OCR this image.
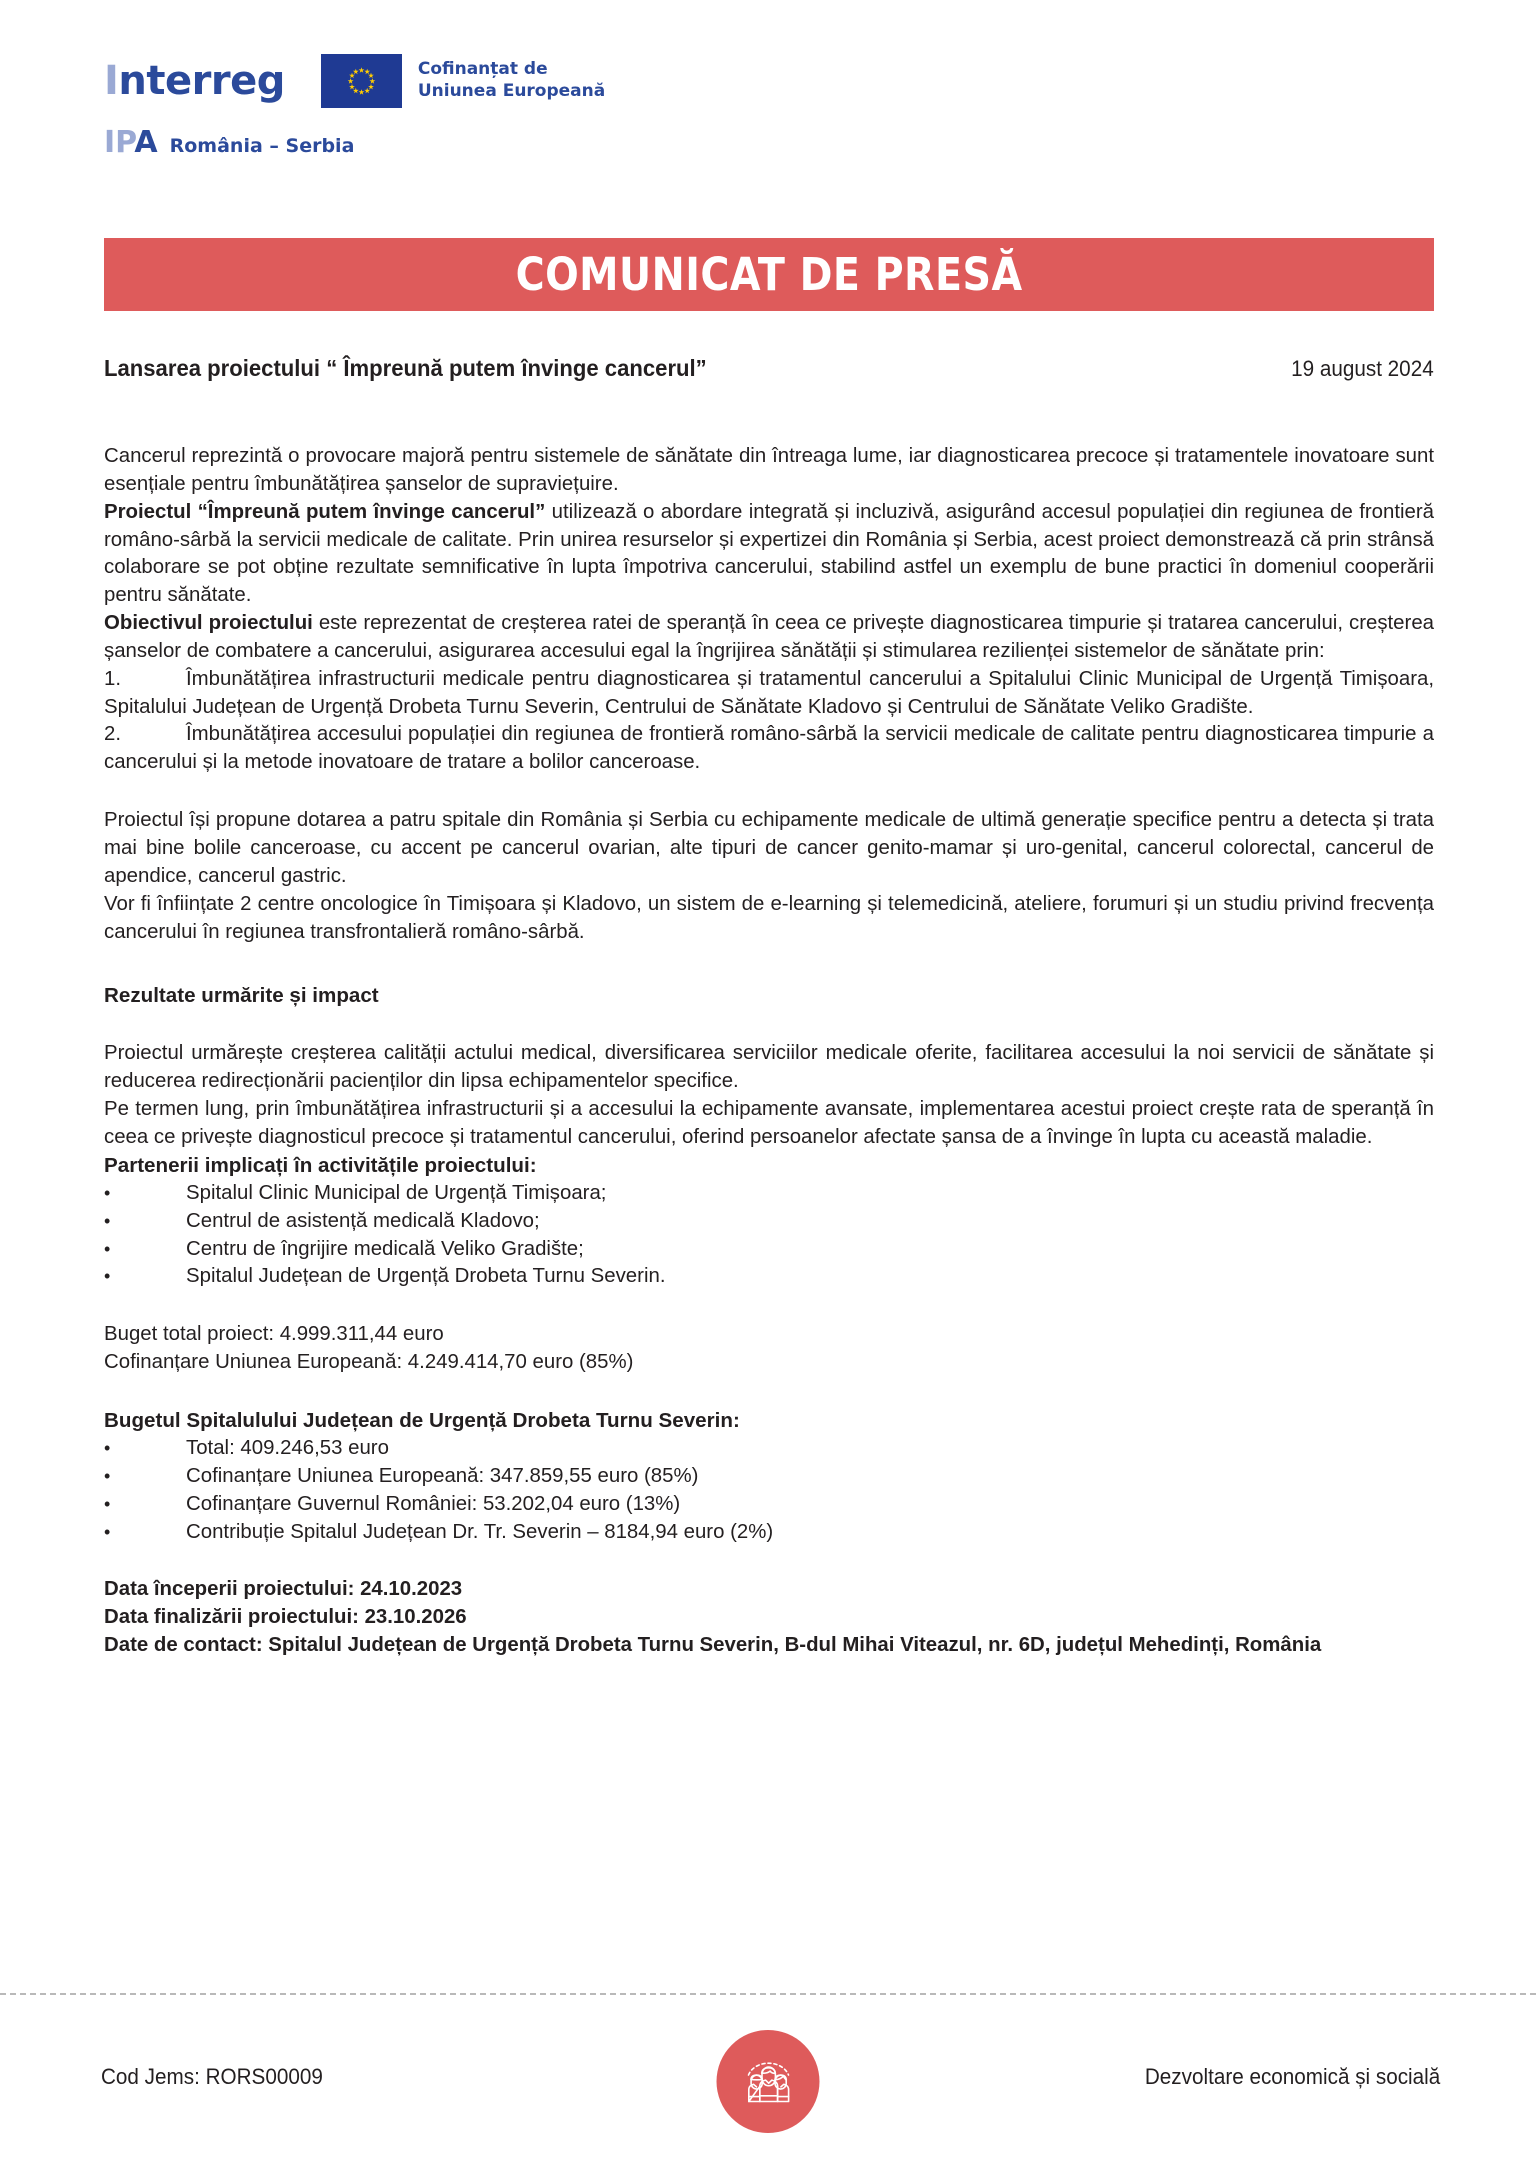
Interreg	Cofinanțat de
Uniunea Europeană
IPA România – Serbia
COMUNICAT DE PRESĂ
Lansarea proiectului “ Împreună putem învinge cancerul”	19 august 2024

Cancerul reprezintă o provocare majoră pentru sistemele de sănătate din întreaga lume, iar diagnosticarea precoce și tratamentele inovatoare sunt esențiale pentru îmbunătățirea șanselor de supraviețuire.

Proiectul “Împreună putem învinge cancerul” utilizează o abordare integrată și incluzivă, asigurând accesul populației din regiunea de frontieră româno-sârbă la servicii medicale de calitate. Prin unirea resurselor și expertizei din România și Serbia, acest proiect demonstrează că prin strânsă colaborare se pot obține rezultate semnificative în lupta împotriva cancerului, stabilind astfel un exemplu de bune practici în domeniul cooperării pentru sănătate.

Obiectivul proiectului este reprezentat de creșterea ratei de speranță în ceea ce privește diagnosticarea timpurie și tratarea cancerului, creșterea șanselor de combatere a cancerului, asigurarea accesului egal la îngrijirea sănătății și stimularea rezilienței sistemelor de sănătate prin:

1.	Îmbunătățirea infrastructurii medicale pentru diagnosticarea și tratamentul cancerului a Spitalului Clinic Municipal de Urgență Timișoara, Spitalului Județean de Urgență Drobeta Turnu Severin, Centrului de Sănătate Kladovo și Centrului de Sănătate Veliko Gradište.

2.	Îmbunătățirea accesului populației din regiunea de frontieră româno-sârbă la servicii medicale de calitate pentru diagnosticarea timpurie a cancerului și la metode inovatoare de tratare a bolilor canceroase.

Proiectul își propune dotarea a patru spitale din România și Serbia cu echipamente medicale de ultimă generație specifice pentru a detecta și trata mai bine bolile canceroase, cu accent pe cancerul ovarian, alte tipuri de cancer genito-mamar și uro-genital, cancerul colorectal, cancerul de apendice, cancerul gastric.

Vor fi înființate 2 centre oncologice în Timișoara și Kladovo, un sistem de e-learning și telemedicină, ateliere, forumuri și un studiu privind frecvența cancerului în regiunea transfrontalieră româno-sârbă.

Rezultate urmărite și impact

Proiectul urmărește creșterea calității actului medical, diversificarea serviciilor medicale oferite, facilitarea accesului la noi servicii de sănătate și reducerea redirecționării pacienților din lipsa echipamentelor specifice.

Pe termen lung, prin îmbunătățirea infrastructurii și a accesului la echipamente avansate, implementarea acestui proiect crește rata de speranță în ceea ce privește diagnosticul precoce și tratamentul cancerului, oferind persoanelor afectate șansa de a învinge în lupta cu această maladie.

Partenerii implicați în activitățile proiectului:

•	Spitalul Clinic Municipal de Urgență Timișoara;
•	Centrul de asistență medicală Kladovo;
•	Centru de îngrijire medicală Veliko Gradište;
•	Spitalul Județean de Urgență Drobeta Turnu Severin.

Buget total proiect: 4.999.311,44 euro

Cofinanțare Uniunea Europeană: 4.249.414,70 euro (85%)

Bugetul Spitalulului Județean de Urgență Drobeta Turnu Severin:

•	Total: 409.246,53 euro
•	Cofinanțare Uniunea Europeană: 347.859,55 euro (85%)
•	Cofinanțare Guvernul României: 53.202,04 euro (13%)
•	Contribuție Spitalul Județean Dr. Tr. Severin – 8184,94 euro (2%)

Data începerii proiectului: 24.10.2023

Data finalizării proiectului: 23.10.2026

Date de contact: Spitalul Județean de Urgență Drobeta Turnu Severin, B-dul Mihai Viteazul, nr. 6D, județul Mehedinți, România

Cod Jems: RORS00009	Dezvoltare economică și socială
